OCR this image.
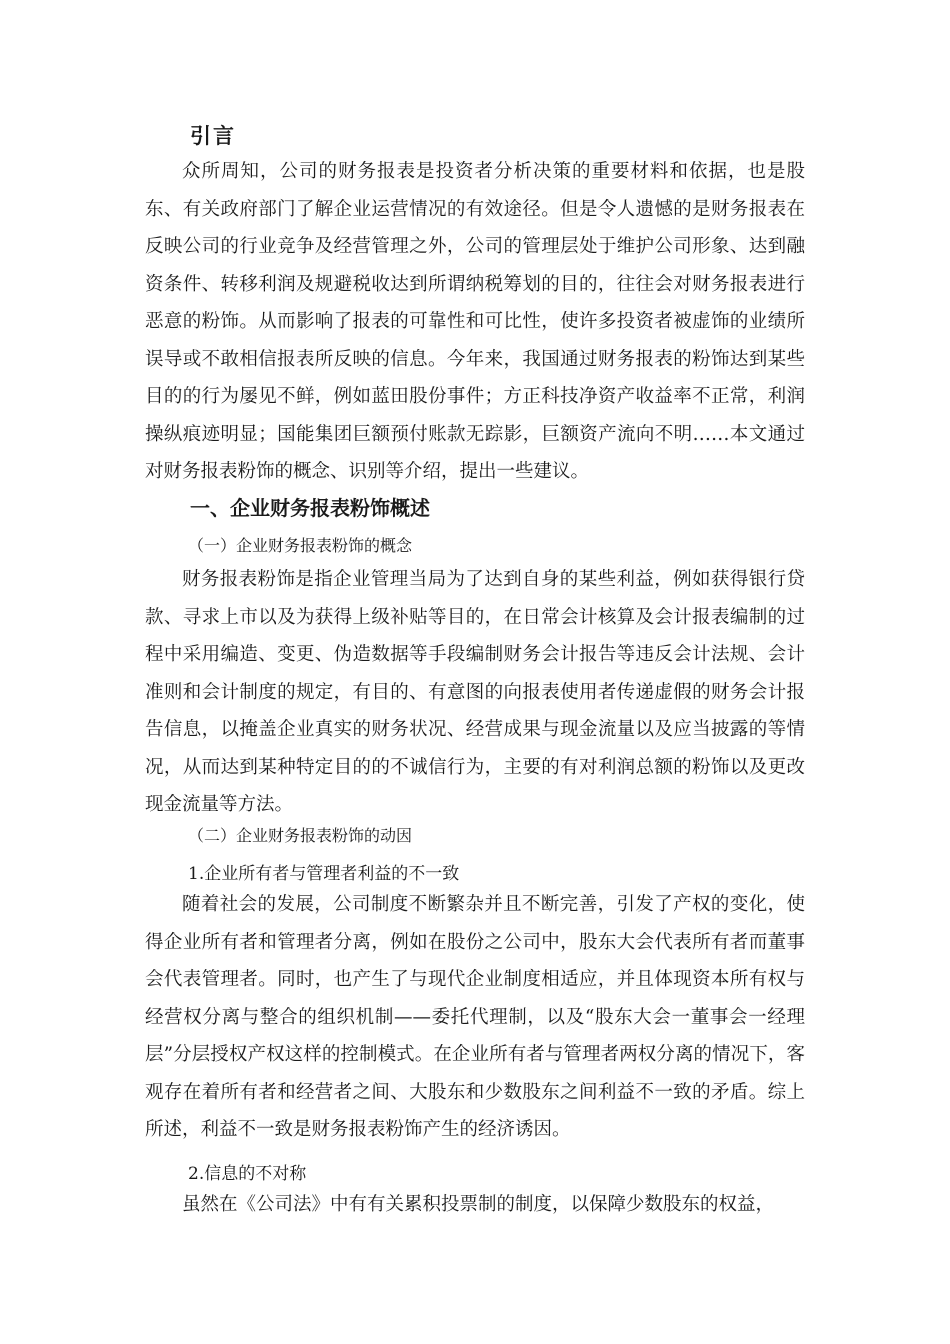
引言

众所周知，公司的财务报表是投资者分析决策的重要材料和依据，也是股东、有关政府部门了解企业运营情况的有效途径。但是令人遗憾的是财务报表在反映公司的行业竞争及经营管理之外，公司的管理层处于维护公司形象、达到融资条件、转移利润及规避税收达到所谓纳税筹划的目的，往往会对财务报表进行恶意的粉饰。从而影响了报表的可靠性和可比性，使许多投资者被虚饰的业绩所误导或不敢相信报表所反映的信息。今年来，我国通过财务报表的粉饰达到某些目的的行为屡见不鲜，例如蓝田股份事件；方正科技净资产收益率不正常，利润操纵痕迹明显；国能集团巨额预付账款无踪影，巨额资产流向不明……本文通过对财务报表粉饰的概念、识别等介绍，提出一些建议。

一、企业财务报表粉饰概述
（一）企业财务报表粉饰的概念

财务报表粉饰是指企业管理当局为了达到自身的某些利益，例如获得银行贷款、寻求上市以及为获得上级补贴等目的，在日常会计核算及会计报表编制的过程中采用编造、变更、伪造数据等手段编制财务会计报告等违反会计法规、会计准则和会计制度的规定，有目的、有意图的向报表使用者传递虚假的财务会计报告信息，以掩盖企业真实的财务状况、经营成果与现金流量以及应当披露的等情况，从而达到某种特定目的的不诚信行为，主要的有对利润总额的粉饰以及更改现金流量等方法。

（二）企业财务报表粉饰的动因
1.企业所有者与管理者利益的不一致

随着社会的发展，公司制度不断繁杂并且不断完善，引发了产权的变化，使得企业所有者和管理者分离，例如在股份之公司中，股东大会代表所有者而董事会代表管理者。同时，也产生了与现代企业制度相适应，并且体现资本所有权与经营权分离与整合的组织机制——委托代理制，以及“股东大会一董事会一经理层”分层授权产权这样的控制模式。在企业所有者与管理者两权分离的情况下，客观存在着所有者和经营者之间、大股东和少数股东之间利益不一致的矛盾。综上所述，利益不一致是财务报表粉饰产生的经济诱因。

2.信息的不对称

虽然在《公司法》中有有关累积投票制的制度，以保障少数股东的权益，
